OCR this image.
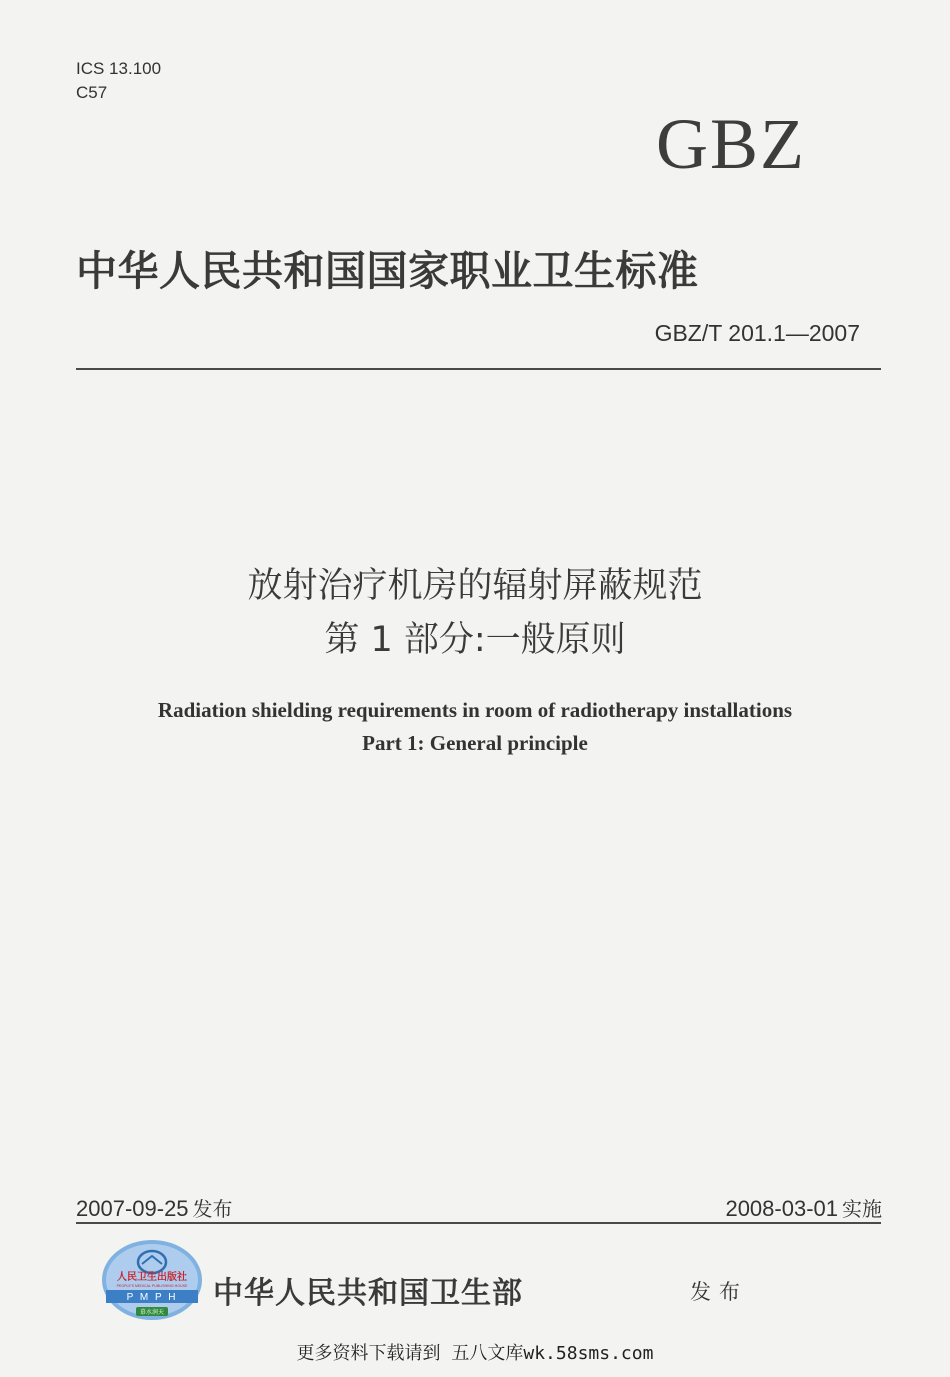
ICS 13.100
C57
GBZ
中华人民共和国国家职业卫生标准
GBZ/T 201.1—2007
放射治疗机房的辐射屏蔽规范
第 1 部分:一般原则
Radiation shielding requirements in room of radiotherapy installations
Part 1: General principle
2007-09-25 发布	2008-03-01 实施
人民卫生出版社
PEOPLE'S MEDICAL PUBLISHING HOUSE
P M P H
慕水润天
中华人民共和国卫生部	发布
更多资料下载请到 五八文库wk.58sms.com
